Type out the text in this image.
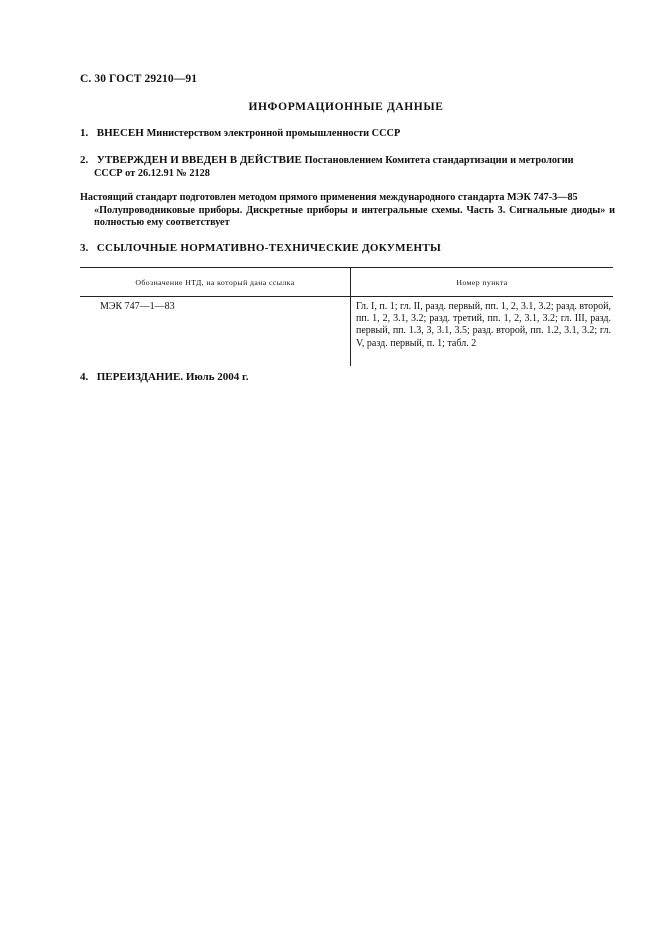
С. 30 ГОСТ 29210—91
ИНФОРМАЦИОННЫЕ ДАННЫЕ
1. ВНЕСЕН Министерством электронной промышленности СССР
2. УТВЕРЖДЕН И ВВЕДЕН В ДЕЙСТВИЕ Постановлением Комитета стандартизации и метрологии
СССР от 26.12.91 № 2128
Настоящий стандарт подготовлен методом прямого применения международного стандарта МЭК 747-3—85
«Полупроводниковые приборы. Дискретные приборы и интегральные схемы. Часть 3. Сигнальные диоды» и полностью ему соответствует
3. ССЫЛОЧНЫЕ НОРМАТИВНО-ТЕХНИЧЕСКИЕ ДОКУМЕНТЫ
Обозначение НТД, на который дана ссылка	Номер пункта
МЭК 747—1—83	Гл. I, п. 1; гл. II, разд. первый, пп. 1, 2, 3.1, 3.2; разд. второй, пп. 1, 2, 3.1, 3.2; разд. третий, пп. 1, 2, 3.1, 3.2; гл. III, разд. первый, пп. 1.3, 3, 3.1, 3.5; разд. второй, пп. 1.2, 3.1, 3.2; гл. V, разд. первый, п. 1; табл. 2
4. ПЕРЕИЗДАНИЕ. Июль 2004 г.
